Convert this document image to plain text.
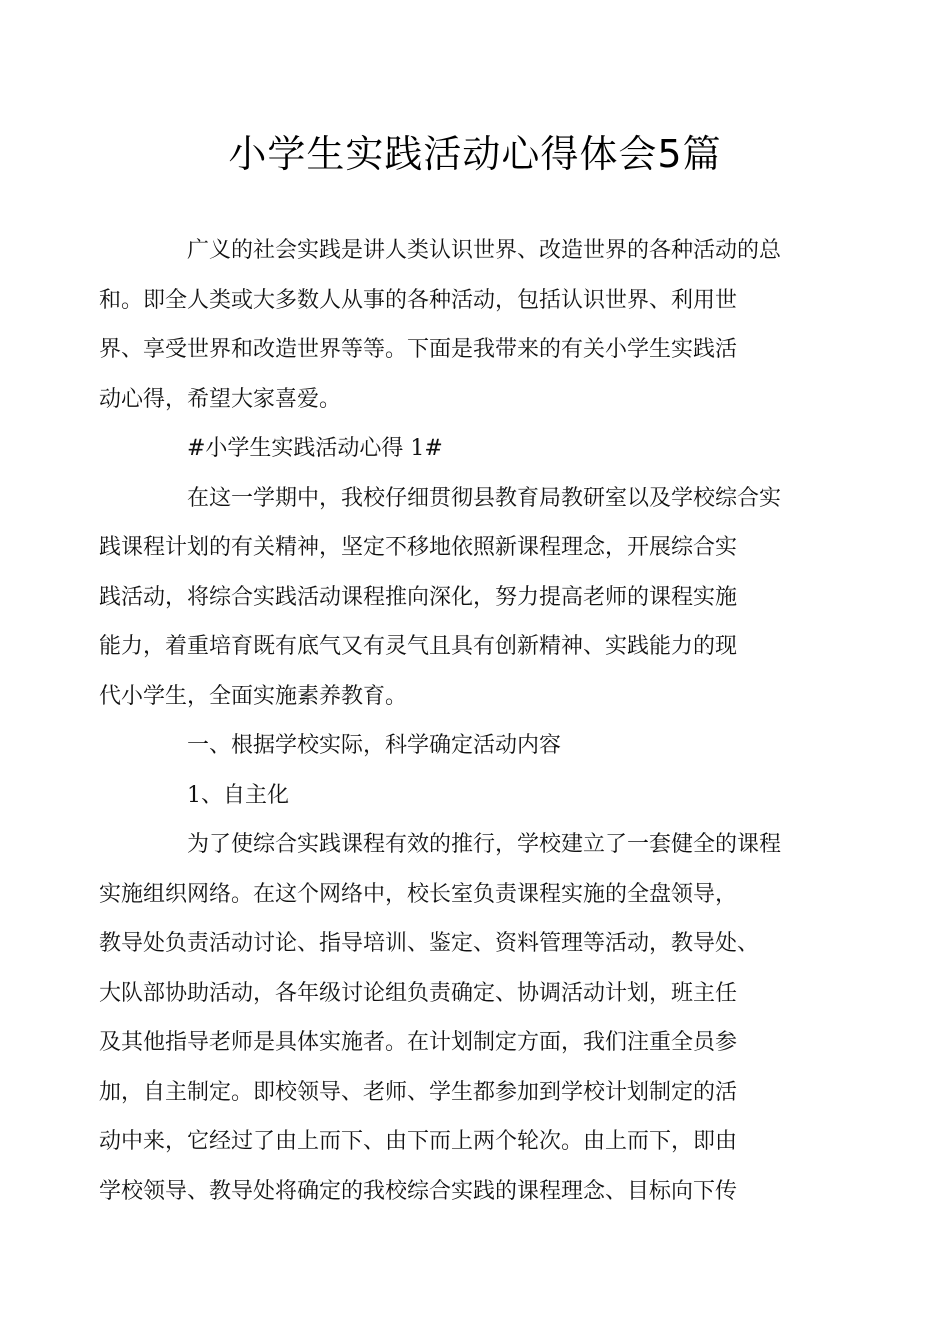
小学生实践活动心得体会5篇

广义的社会实践是讲人类认识世界、改造世界的各种活动的总
和。即全人类或大多数人从事的各种活动，包括认识世界、利用世
界、享受世界和改造世界等等。下面是我带来的有关小学生实践活
动心得，希望大家喜爱。

#小学生实践活动心得 1#

在这一学期中，我校仔细贯彻县教育局教研室以及学校综合实
践课程计划的有关精神，坚定不移地依照新课程理念，开展综合实
践活动，将综合实践活动课程推向深化，努力提高老师的课程实施
能力，着重培育既有底气又有灵气且具有创新精神、实践能力的现
代小学生，全面实施素养教育。

一、根据学校实际，科学确定活动内容

1、自主化

为了使综合实践课程有效的推行，学校建立了一套健全的课程
实施组织网络。在这个网络中，校长室负责课程实施的全盘领导，
教导处负责活动讨论、指导培训、鉴定、资料管理等活动，教导处、
大队部协助活动，各年级讨论组负责确定、协调活动计划，班主任
及其他指导老师是具体实施者。在计划制定方面，我们注重全员参
加，自主制定。即校领导、老师、学生都参加到学校计划制定的活
动中来，它经过了由上而下、由下而上两个轮次。由上而下，即由
学校领导、教导处将确定的我校综合实践的课程理念、目标向下传
